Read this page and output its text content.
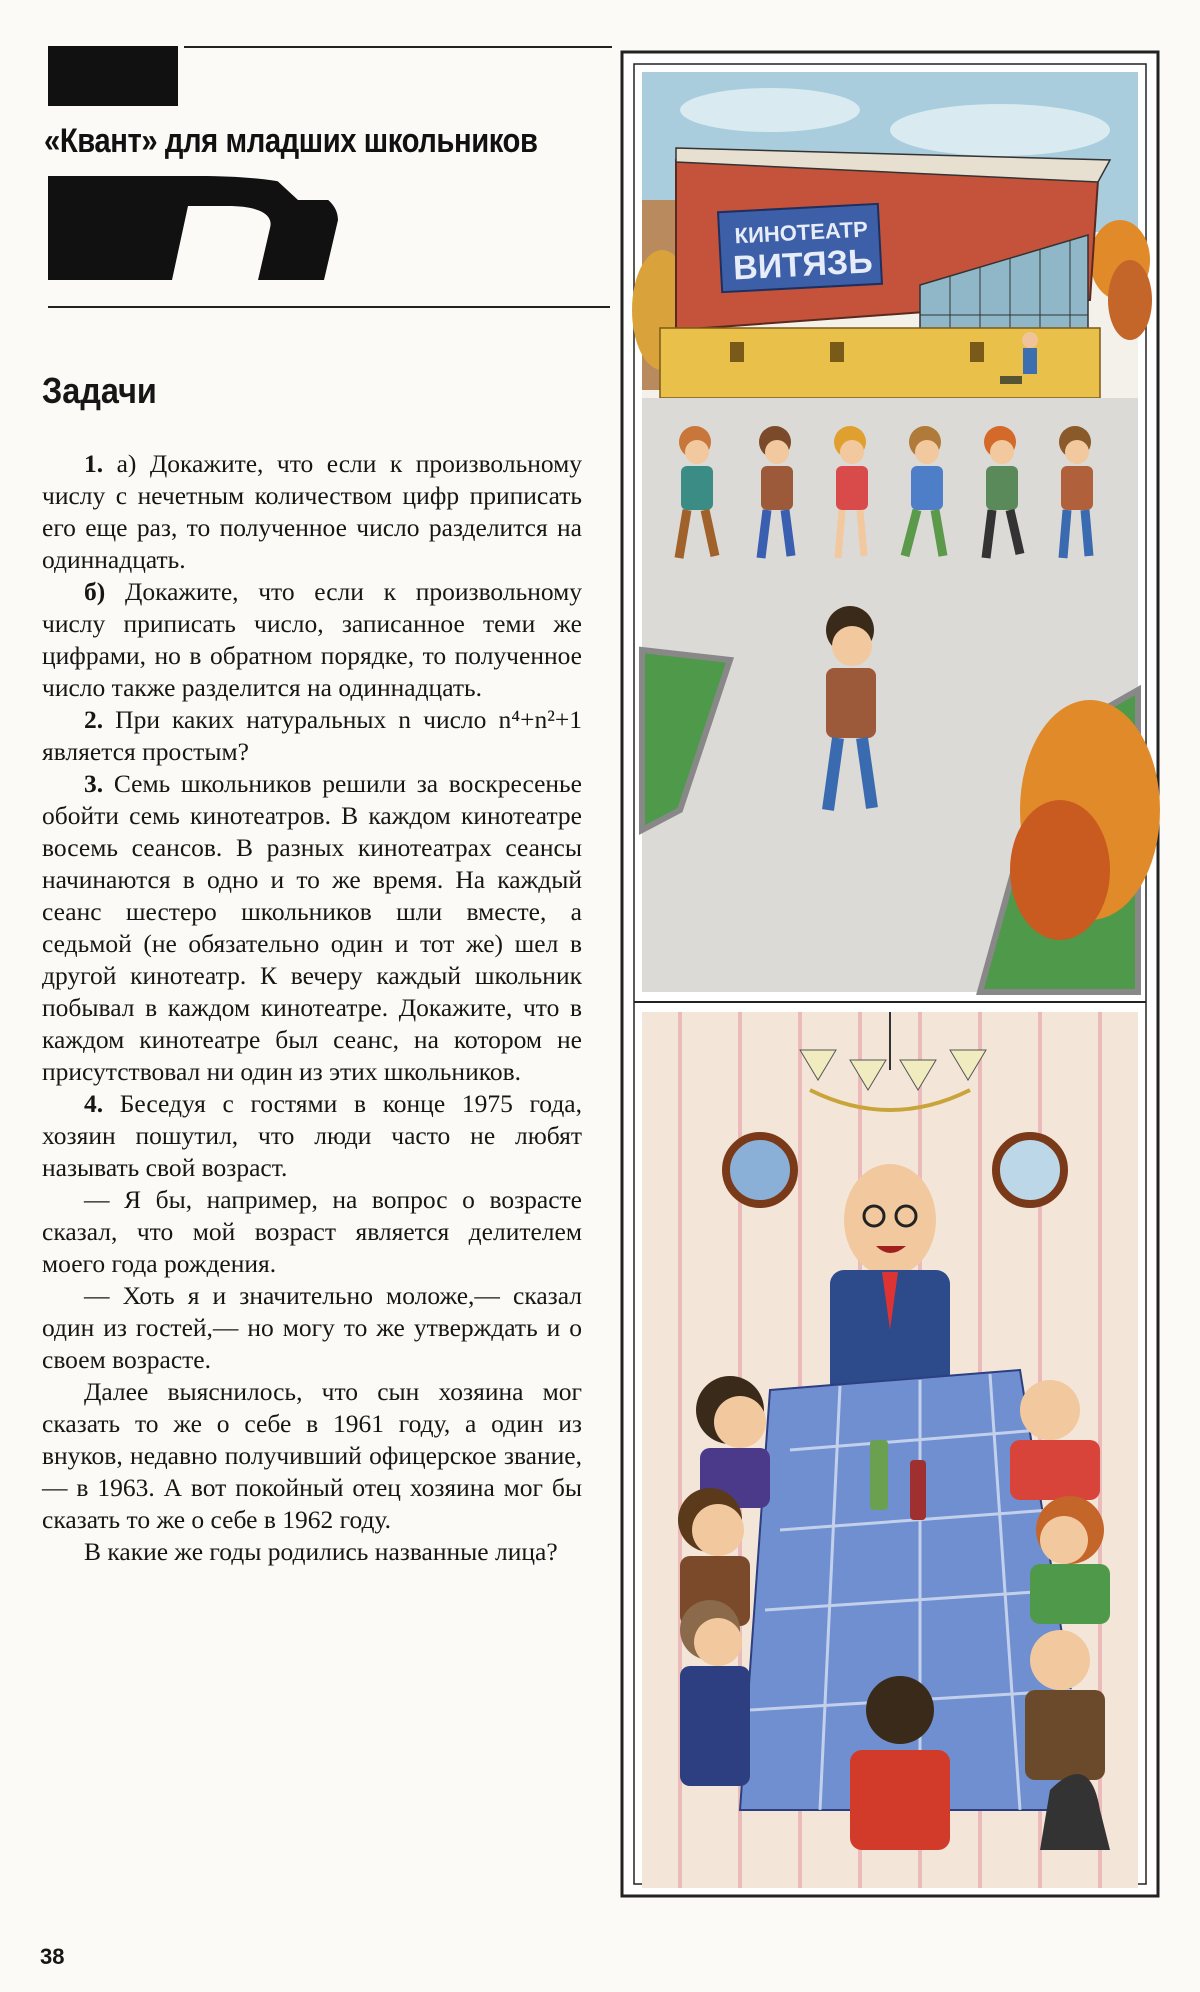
«Квант» для младших школьников
Задачи

1. а) Докажите, что если к произвольному числу с нечетным количеством цифр приписать его еще раз, то полученное число разделится на одиннадцать.

б) Докажите, что если к произвольному числу приписать число, записанное теми же цифрами, но в обратном порядке, то полученное число также разделится на одиннадцать.

2. При каких натуральных n число n⁴+n²+1 является простым?

3. Семь школьников решили за воскресенье обойти семь кинотеатров. В каждом кинотеатре восемь сеансов. В разных кинотеатрах сеансы начинаются в одно и то же время. На каждый сеанс шестеро школьников шли вместе, а седьмой (не обязательно один и тот же) шел в другой кинотеатр. К вечеру каждый школьник побывал в каждом кинотеатре. Докажите, что в каждом кинотеатре был сеанс, на котором не присутствовал ни один из этих школьников.

4. Беседуя с гостями в конце 1975 года, хозяин пошутил, что люди часто не любят называть свой возраст.

— Я бы, например, на вопрос о возрасте сказал, что мой возраст является делителем моего года рождения.

— Хоть я и значительно моложе,— сказал один из гостей,— но могу то же утверждать и о своем возрасте.

Далее выяснилось, что сын хозяина мог сказать то же о себе в 1961 году, а один из внуков, недавно получивший офицерское звание,— в 1963. А вот покойный отец хозяина мог бы сказать то же о себе в 1962 году.

В какие же годы родились названные лица?

38
КИНОТЕАТР
ВИТЯЗЬ
